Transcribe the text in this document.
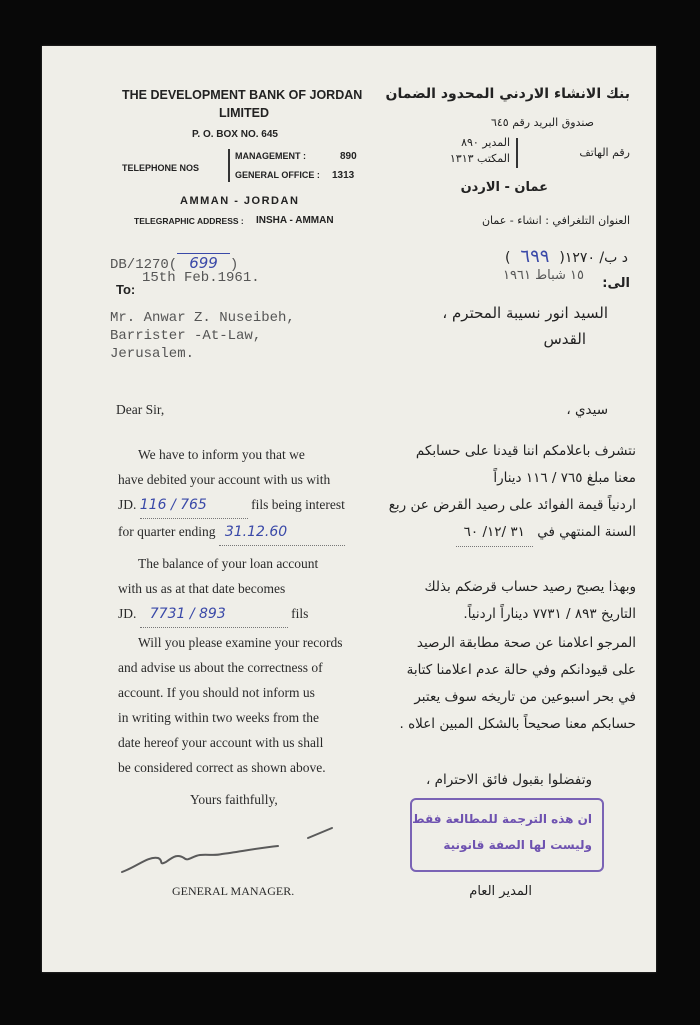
THE DEVELOPMENT BANK OF JORDAN
LIMITED
P. O. BOX NO. 645
TELEPHONE NOS
MANAGEMENT :	890
GENERAL OFFICE : 1313
AMMAN - JORDAN
TELEGRAPHIC ADDRESS : INSHA - AMMAN
بنك الانشاء الاردني المحدود الضمان
صندوق البريد رقم ٦٤٥
رقم الهاتف
المدير ٨٩٠
المكتب ١٣١٣
عمان - الاردن
العنوان التلغرافي : انشاء - عمان
DB/1270( 699 )
To:
15th Feb.1961.
د ب/ ١٢٧٠(٦٩٩)
١٥ شباط ١٩٦١
الى:
Mr. Anwar Z. Nuseibeh,
Barrister -At-Law,
Jerusalem.
السيد انور نسيبة المحترم ،
القدس
Dear Sir,	سيدي ،
We have to inform you that we
have debited your account with us with
JD. 116 / 765	fils being interest
for quarter ending 31.12.60
The balance of your loan account
with us as at that date becomes
JD. 7731 / 893	fils
Will you please examine your records
and advise us about the correctness of
account. If you should not inform us
in writing within two weeks from the
date hereof your account with us shall
be considered correct as shown above.
Yours faithfully,
GENERAL MANAGER.
نتشرف باعلامكم اننا قيدنا على حسابكم
معنا مبلغ ٧٦٥ / ١١٦ ديناراً
اردنياً قيمة الفوائد على رصيد القرض عن ربع
السنة المنتهي في ٣١ /١٢/ ٦٠
وبهذا يصبح رصيد حساب قرضكم بذلك
التاريخ ٨٩٣ / ٧٧٣١ ديناراً اردنياً.
المرجو اعلامنا عن صحة مطابقة الرصيد
على قيودانكم وفي حالة عدم اعلامنا كتابة
في بحر اسبوعين من تاريخه سوف يعتبر
حسابكم معنا صحيحاً بالشكل المبين اعلاه .
وتفضلوا بقبول فائق الاحترام ،
ان هذه الترجمة للمطالعة فقط
وليست لها الصفة قانونية
المدير العام
